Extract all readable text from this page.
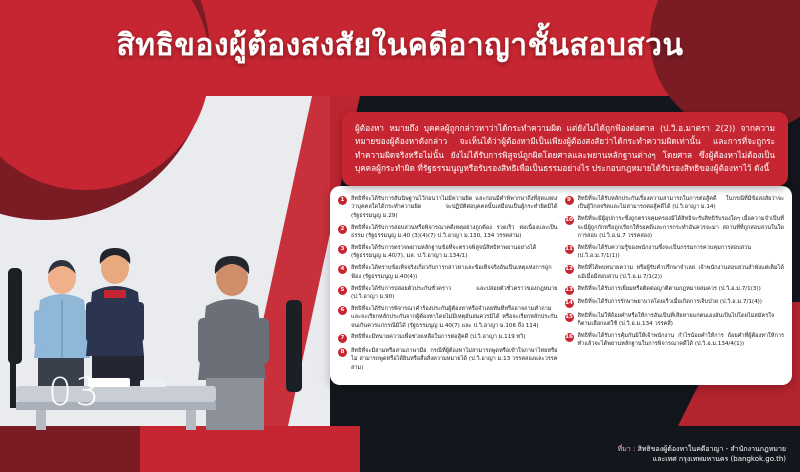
สิทธิของผู้ต้องสงสัยในคดีอาญาชั้นสอบสวน
ผู้ต้องหา หมายถึง บุคคลผู้ถูกกล่าวหาว่าได้กระทำความผิด แต่ยังไม่ได้ถูกฟ้องต่อศาล (ป.วิ.อ.มาตรา 2(2)) จากความหมายของผู้ต้องหาดังกล่าว จะเห็นได้ว่าผู้ต้องหามีเป็นเพียงผู้ต้องสงสัยว่าได้กระทำความผิดเท่านั้น และการที่จะถูกระทำความผิดจริงหรือไม่นั้น ยังไม่ได้รับการพิสูจน์ถูกผิดโดยศาลและพยานหลักฐานต่างๆ โดยศาล ซึ่งผู้ต้องหาไม่ต้องเป็นบุคคลผู้กระทำผิด ที่รัฐธรรมนูญหรือรับรองสิทธิเพื่อเป็นธรรมอย่างไร ประกอบกฎหมายได้รับรองสิทธิของผู้ต้องหาไว้ ดังนี้
1	สิทธิที่จะได้รับการสันนิษฐานไว้ก่อนว่าไม่มีความผิด และก่อนมีคำพิพากษาถึงที่สุดแสดงว่าบุคคลใดได้กระทำความผิด จะปฏิบัติต่อบุคคลนั้นเสมือนเป็นผู้กระทำผิดมิได้ (รัฐธรรมนูญ ม.29)
2	สิทธิที่จะได้รับการสอบสวนหรือพิจารณาคดีเหตุอย่างถูกต้อง รวดเร็ว ต่อเนื่องและเป็นธรรม (รัฐธรรมนูญ ม.40 (3)(4)(7) ป.วิ.อาญา ม.130, 134 วรรคสาม)
3	สิทธิที่จะได้รับการตรวจพยานหลักฐานข้อที่จะตรวจพิสูจน์สิทธิหาพยานอย่างได้ (รัฐธรรมนูญ ม.40/7), มล. ป.วิ.อาญา ม.134/1)
4	สิทธิที่จะได้ทราบข้อเท็จจริงเกี่ยวกับการกล่าวหาและข้อเท็จจริงอันเป็นเหตุแห่งการถูกฟ้อง (รัฐธรรมนูญ ม.40(4))
5	สิทธิที่จะได้รับการปล่อยตัวประกันชั่วคราว และปล่อยตัวชั่วคราวของกฎหมาย (ป.วิ.อาญา ม.90)
6	สิทธิที่จะได้รับการพิจารณาคำร้องประกันผู้ต้องหาหรือจำเลยทันทีหรืออาจถามคำถาม และจะเรียกหลักประกันจากผู้ต้องหาโดยไม่มีเหตุอันสมควรมิได้ หรือจะเรียกหลักประกันจนเกินควรแก่กรณีมิได้ (รัฐธรรมนูญ ม.40(7) และ ป.วิ.อาญา ม.106 ถึง 114)
7	สิทธิที่จะมีทนายความเพื่อช่วยเหลือในการต่อสู้คดี (ป.วิ.อาญา ม.119 ทวิ)
8	สิทธิที่จะมีล่ามหรือล่ามภาษามือ กรณีที่ผู้ต้องหาไม่สามารถพูดหรือเข้าใจภาษาไทยหรือไม่ สามารถพูดหรือได้ยินหรือสื่อสิ่งความหมายได้ (ป.วิ.อาญา ม.13 วรรคสองและวรรคสาม)
9	สิทธิที่จะได้รับหลักประกันเรื่องความสามารถในการต่อสู้คดี ในกรณีที่มีข้อสงสัยว่าจะเป็นผู้วิกลจริตและไม่สามารถต่อสู้คดีได้ (ป.วิ.อาญา ม.14)
10 สิทธิที่จะมีผู้อุปการะซึ่งถูกตรวจคุมครองมิได้สิทธิจะรับสิทธิรับรองใดๆ เมื่อความจำเป็นที่จะมีผู้ถูกกักหรือถูกเรียกให้รอคดีและการกระทำอันควรจะมา สถานที่ที่ถูกสอบสวนในใดการสอบ (ป.วิ.อ.ม.7 วรรคสอง)
11 สิทธิที่จะได้รับความรู้ของพนักงานซึ่งจะเป็นกรรมการควบคุมการสอบสวน (ป.วิ.อ.ม.7/1(1))
12 สิทธิที่ได้พบทนายความ หรือผู้รับคำปรึกษาจำเลย เจ้าพนักงานสอบสวนลำพังแต่เต็มได้ แม้เมื่อมีสอบสวน (ป.วิ.อ.ม.7/1(2))
13 สิทธิที่จะได้รับการเยี่ยมหรือติดต่อญาติตามกฎหมายสมควร (ป.วิ.อ.ม.7/1(3))
14 สิทธิที่จะได้รับการรักษาพยาบาลโดยเร็วเมื่อเกิดการเจ็บป่วย (ป.วิ.อ.ม.7/1(4))
15 สิทธิที่จะไม่ให้ถ้อยคำหรือให้การอันเป็นที่เสียหายแก่ตนเองอันเป็นไปโดยไม่สมัครใจก็ตามเลือกแต่ใช้ (ป.วิ.อ.ม.134 วรรคสี่)
16 สิทธิที่จะได้รับการคุ้มกันมิให้เจ้าพนักงาน กำไรน้อยคำให้การ ถ้อยคำที่ผู้ต้องหาให้การทำแล้วจะได้พยานหลักฐานในการพิจารณาคดีได้ (ป.วิ.อ.ม.134/4(1))
03
ที่มา : สิทธิของผู้ต้องหาในคดีอาญา - สำนักงานกฎหมาย
และเทศ กรุงเทพมหานคร (bangkok.go.th)
